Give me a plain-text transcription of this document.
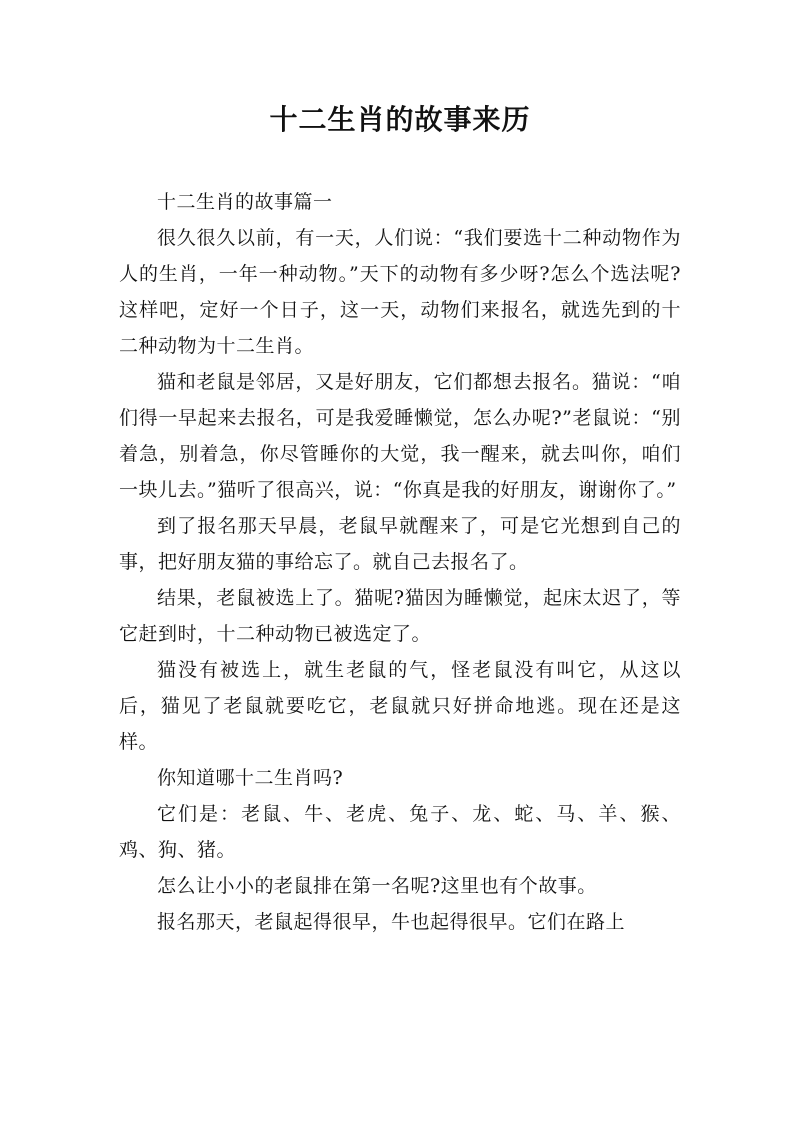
十二生肖的故事来历

十二生肖的故事篇一

很久很久以前，有一天，人们说：“我们要选十二种动物作为人的生肖，一年一种动物。”天下的动物有多少呀?怎么个选法呢?这样吧，定好一个日子，这一天，动物们来报名，就选先到的十二种动物为十二生肖。

猫和老鼠是邻居，又是好朋友，它们都想去报名。猫说：“咱们得一早起来去报名，可是我爱睡懒觉，怎么办呢?”老鼠说：“别着急，别着急，你尽管睡你的大觉，我一醒来，就去叫你，咱们一块儿去。”猫听了很高兴，说：“你真是我的好朋友，谢谢你了。”

到了报名那天早晨，老鼠早就醒来了，可是它光想到自己的事，把好朋友猫的事给忘了。就自己去报名了。

结果，老鼠被选上了。猫呢?猫因为睡懒觉，起床太迟了，等它赶到时，十二种动物已被选定了。

猫没有被选上，就生老鼠的气，怪老鼠没有叫它，从这以后，猫见了老鼠就要吃它，老鼠就只好拼命地逃。现在还是这样。

你知道哪十二生肖吗?

它们是：老鼠、牛、老虎、兔子、龙、蛇、马、羊、猴、鸡、狗、猪。

怎么让小小的老鼠排在第一名呢?这里也有个故事。

报名那天，老鼠起得很早，牛也起得很早。它们在路上
